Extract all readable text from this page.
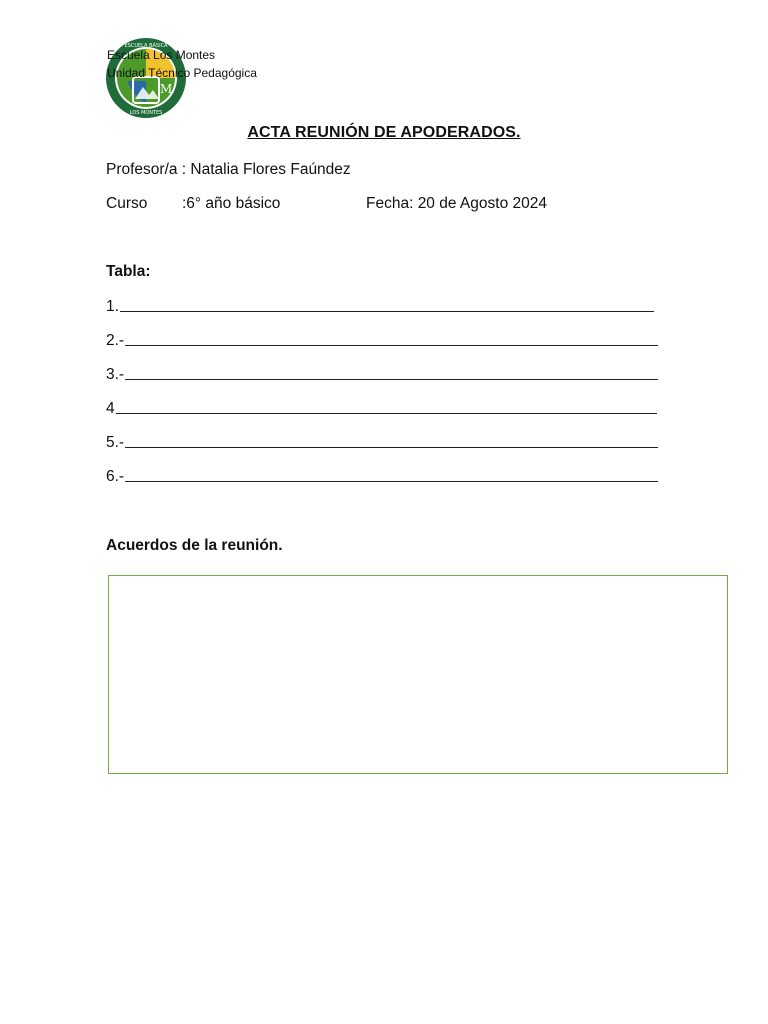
M
ESCUELA BÁSICA
LOS MONTES
Escuela Los Montes
Unidad Técnico Pedagógica
ACTA REUNIÓN DE APODERADOS.
Profesor/a : Natalia Flores Faúndez
Curso :6° año básico	Fecha: 20 de Agosto 2024
Tabla:
1.
2.-
3.-
4
5.-
6.-
Acuerdos de la reunión.
